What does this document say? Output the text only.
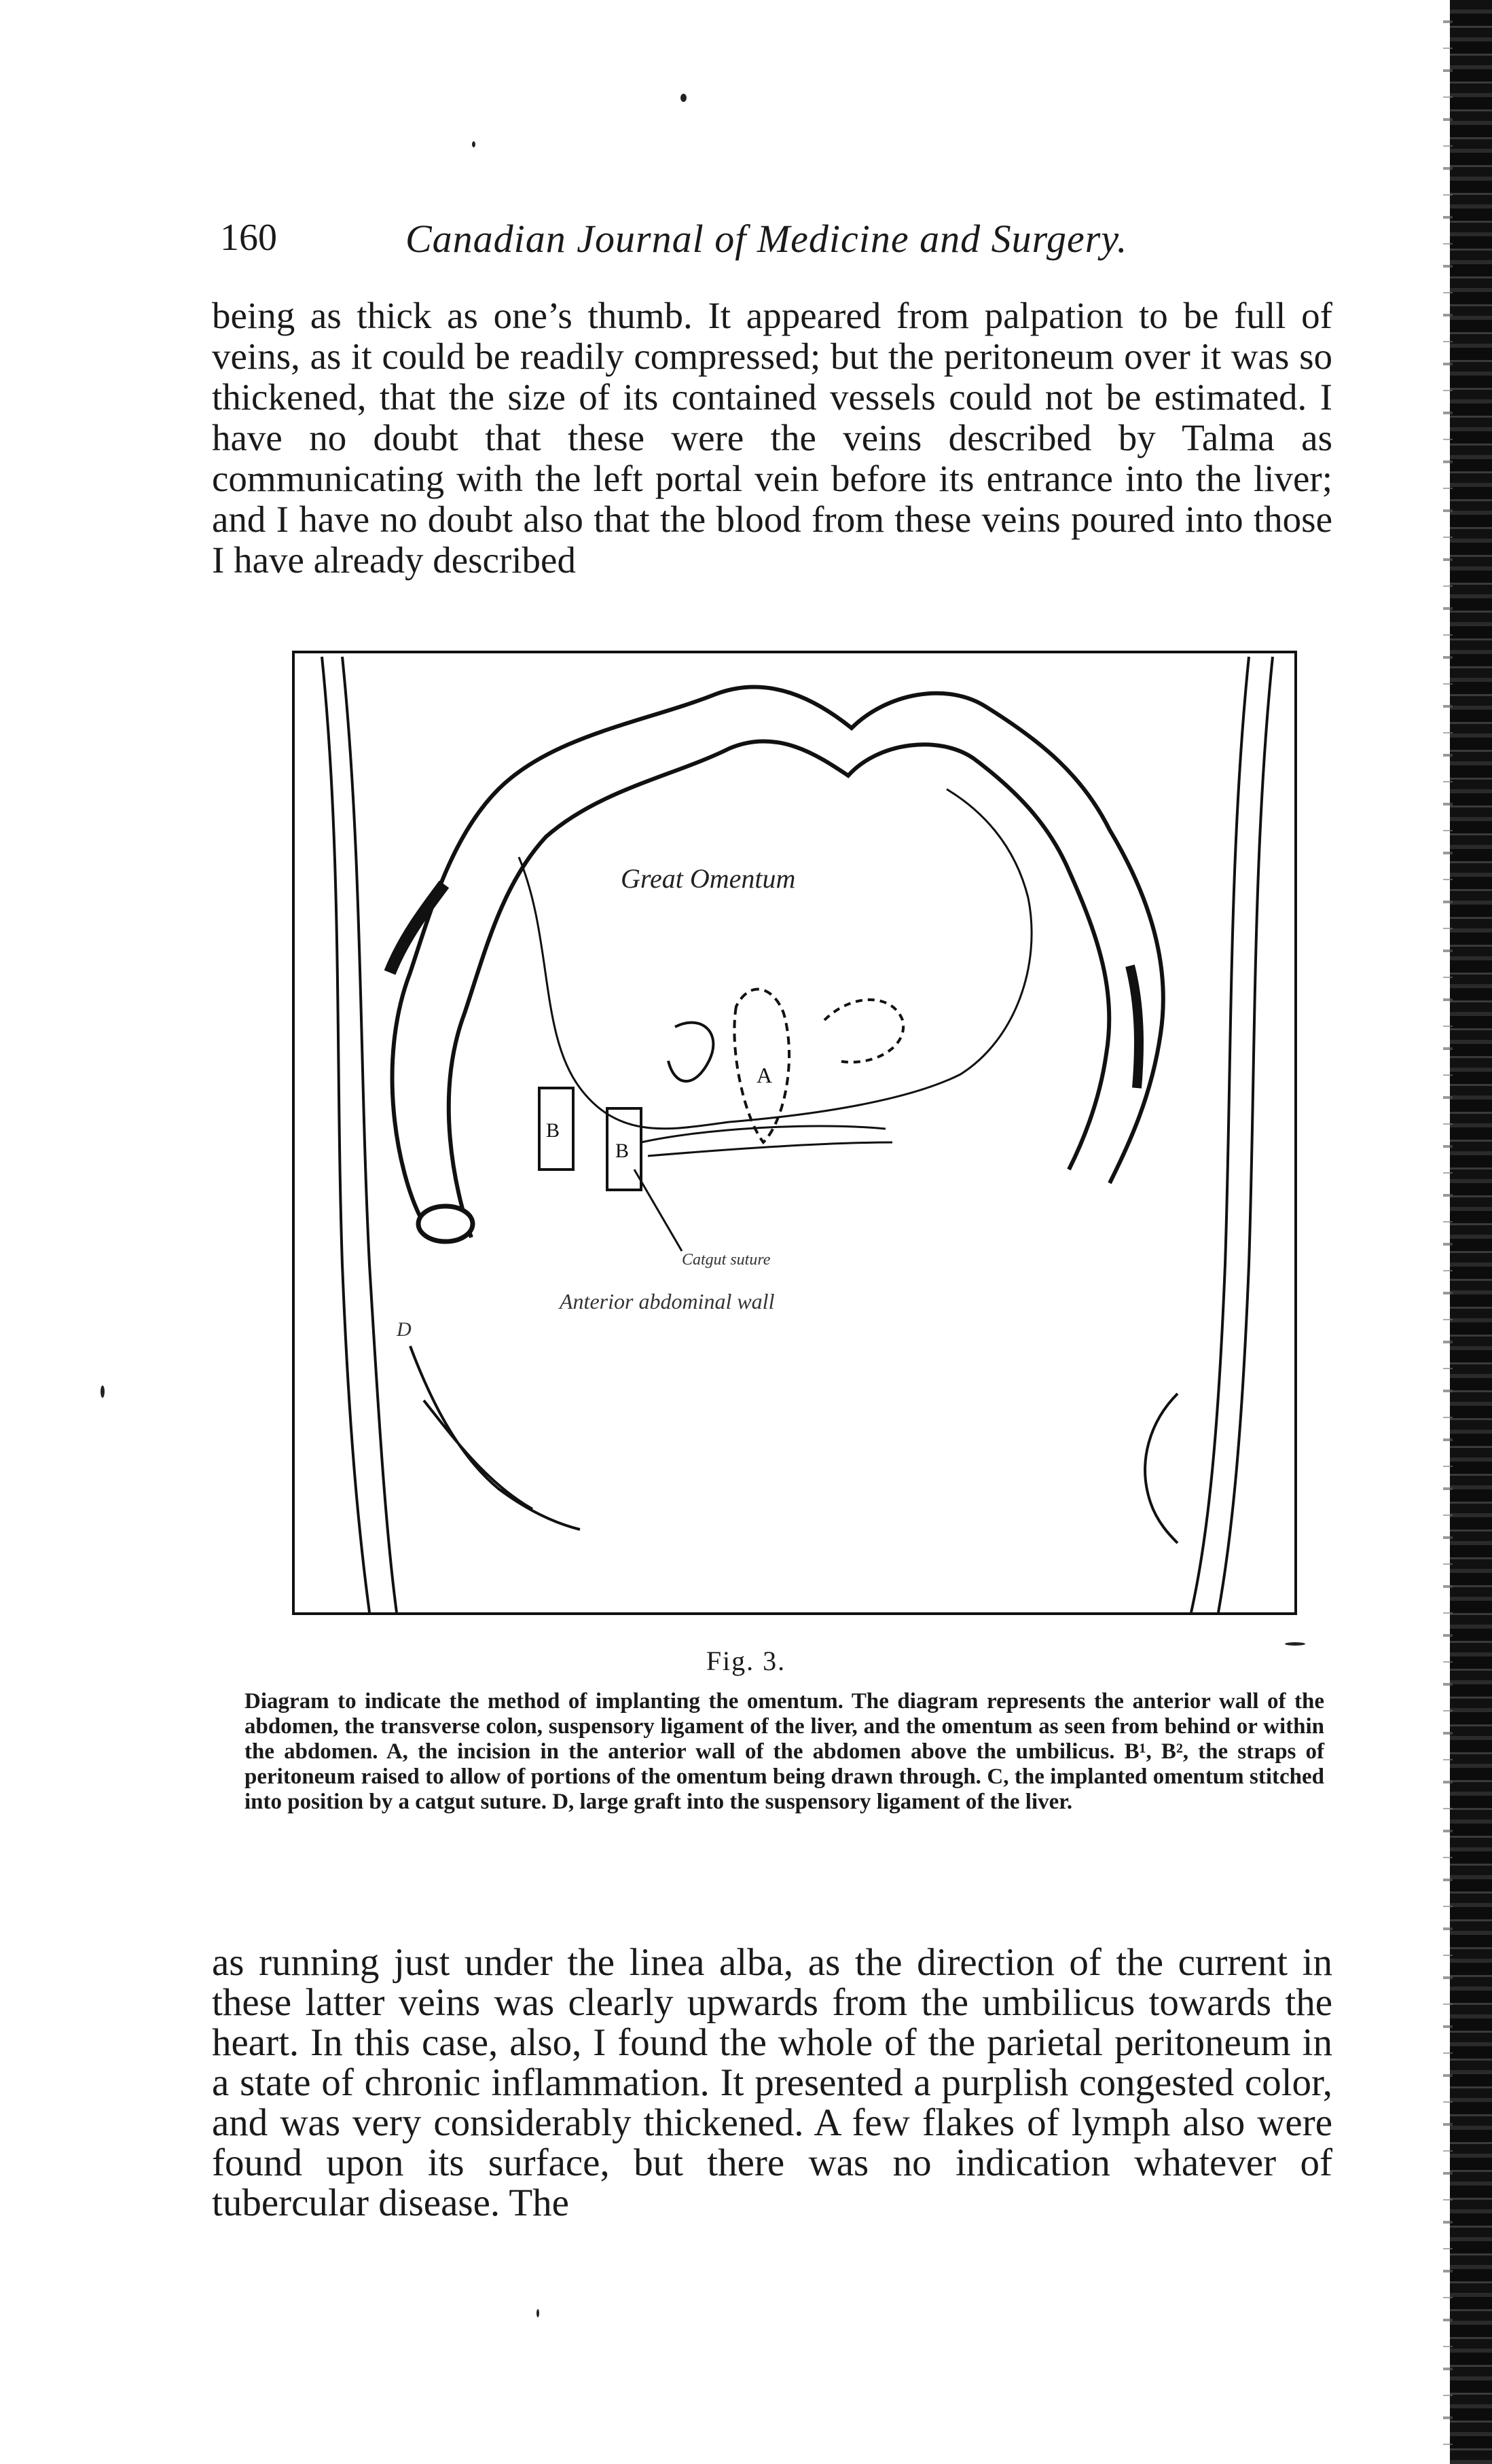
160	Canadian Journal of Medicine and Surgery.

being as thick as one’s thumb. It appeared from palpation to be full of veins, as it could be readily compressed; but the peritoneum over it was so thickened, that the size of its contained vessels could not be estimated. I have no doubt that these were the veins described by Talma as communicating with the left portal vein before its entrance into the liver; and I have no doubt also that the blood from these veins poured into those I have already described

Great Omentum
B
B
A
Catgut suture
Anterior abdominal wall
D
Fig. 3.

Diagram to indicate the method of implanting the omentum. The diagram represents the anterior wall of the abdomen, the transverse colon, suspensory ligament of the liver, and the omentum as seen from behind or within the abdomen. A, the incision in the anterior wall of the abdomen above the umbilicus. B¹, B², the straps of peritoneum raised to allow of portions of the omentum being drawn through. C, the implanted omentum stitched into position by a catgut suture. D, large graft into the suspensory ligament of the liver.

as running just under the linea alba, as the direction of the current in these latter veins was clearly upwards from the umbilicus towards the heart. In this case, also, I found the whole of the parietal peritoneum in a state of chronic inflammation. It presented a purplish congested color, and was very considerably thickened. A few flakes of lymph also were found upon its surface, but there was no indication whatever of tubercular disease. The
